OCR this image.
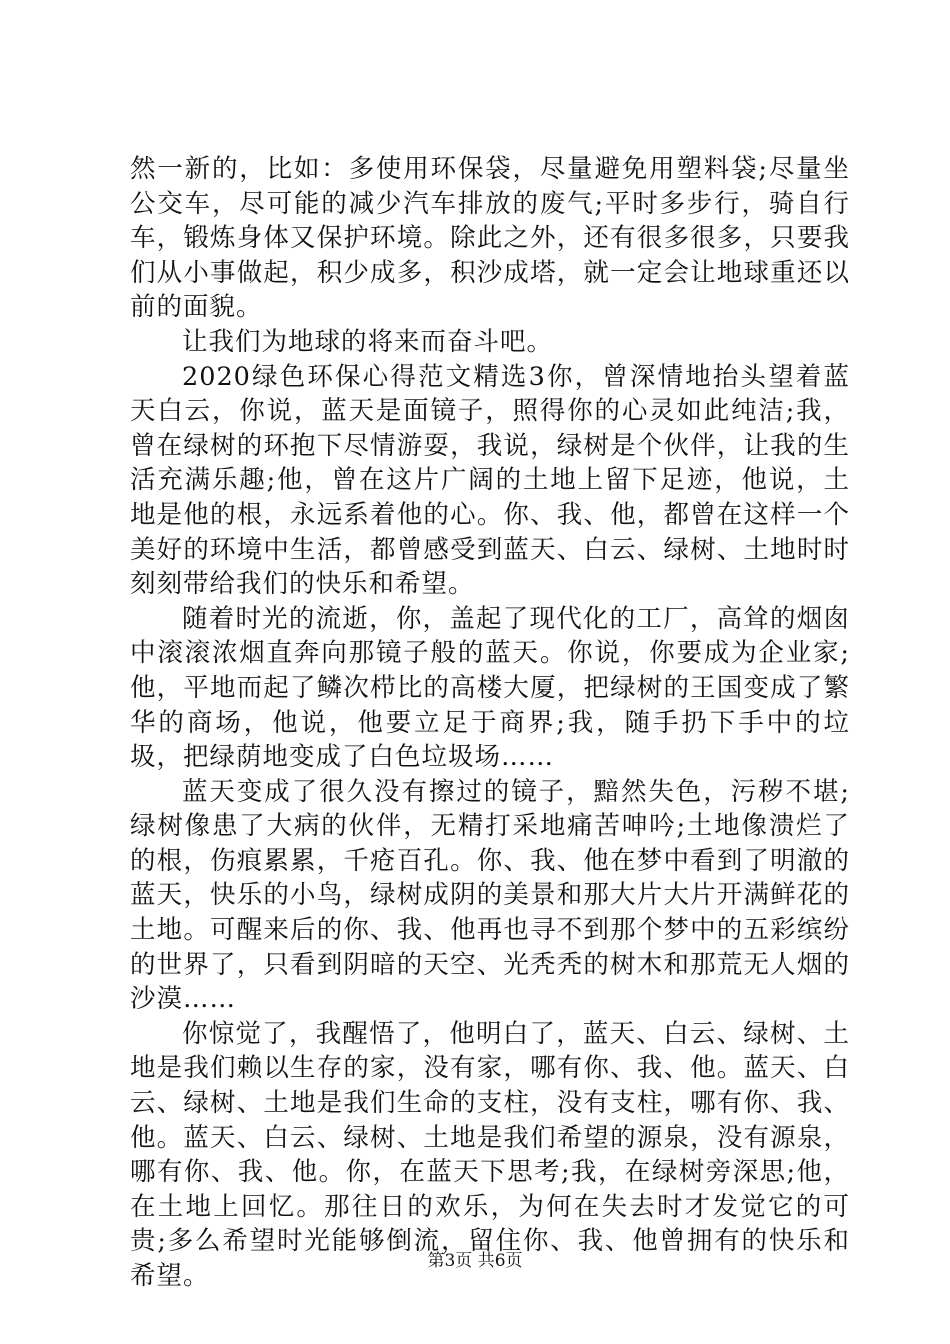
然一新的，比如：多使用环保袋，尽量避免用塑料袋;尽量坐公交车，尽可能的减少汽车排放的废气;平时多步行，骑自行车，锻炼身体又保护环境。除此之外，还有很多很多，只要我们从小事做起，积少成多，积沙成塔，就一定会让地球重还以前的面貌。

让我们为地球的将来而奋斗吧。

2020绿色环保心得范文精选3你，曾深情地抬头望着蓝天白云，你说，蓝天是面镜子，照得你的心灵如此纯洁;我，曾在绿树的环抱下尽情游耍，我说，绿树是个伙伴，让我的生活充满乐趣;他，曾在这片广阔的土地上留下足迹，他说，土地是他的根，永远系着他的心。你、我、他，都曾在这样一个美好的环境中生活，都曾感受到蓝天、白云、绿树、土地时时刻刻带给我们的快乐和希望。

随着时光的流逝，你，盖起了现代化的工厂，高耸的烟囱中滚滚浓烟直奔向那镜子般的蓝天。你说，你要成为企业家;他，平地而起了鳞次栉比的高楼大厦，把绿树的王国变成了繁华的商场，他说，他要立足于商界;我，随手扔下手中的垃圾，把绿荫地变成了白色垃圾场……

蓝天变成了很久没有擦过的镜子，黯然失色，污秽不堪;绿树像患了大病的伙伴，无精打采地痛苦呻吟;土地像溃烂了的根，伤痕累累，千疮百孔。你、我、他在梦中看到了明澈的蓝天，快乐的小鸟，绿树成阴的美景和那大片大片开满鲜花的土地。可醒来后的你、我、他再也寻不到那个梦中的五彩缤纷的世界了，只看到阴暗的天空、光秃秃的树木和那荒无人烟的沙漠……

你惊觉了，我醒悟了，他明白了，蓝天、白云、绿树、土地是我们赖以生存的家，没有家，哪有你、我、他。蓝天、白云、绿树、土地是我们生命的支柱，没有支柱，哪有你、我、他。蓝天、白云、绿树、土地是我们希望的源泉，没有源泉，哪有你、我、他。你，在蓝天下思考;我，在绿树旁深思;他，在土地上回忆。那往日的欢乐，为何在失去时才发觉它的可贵;多么希望时光能够倒流，留住你、我、他曾拥有的快乐和希望。	第3页 共6页
